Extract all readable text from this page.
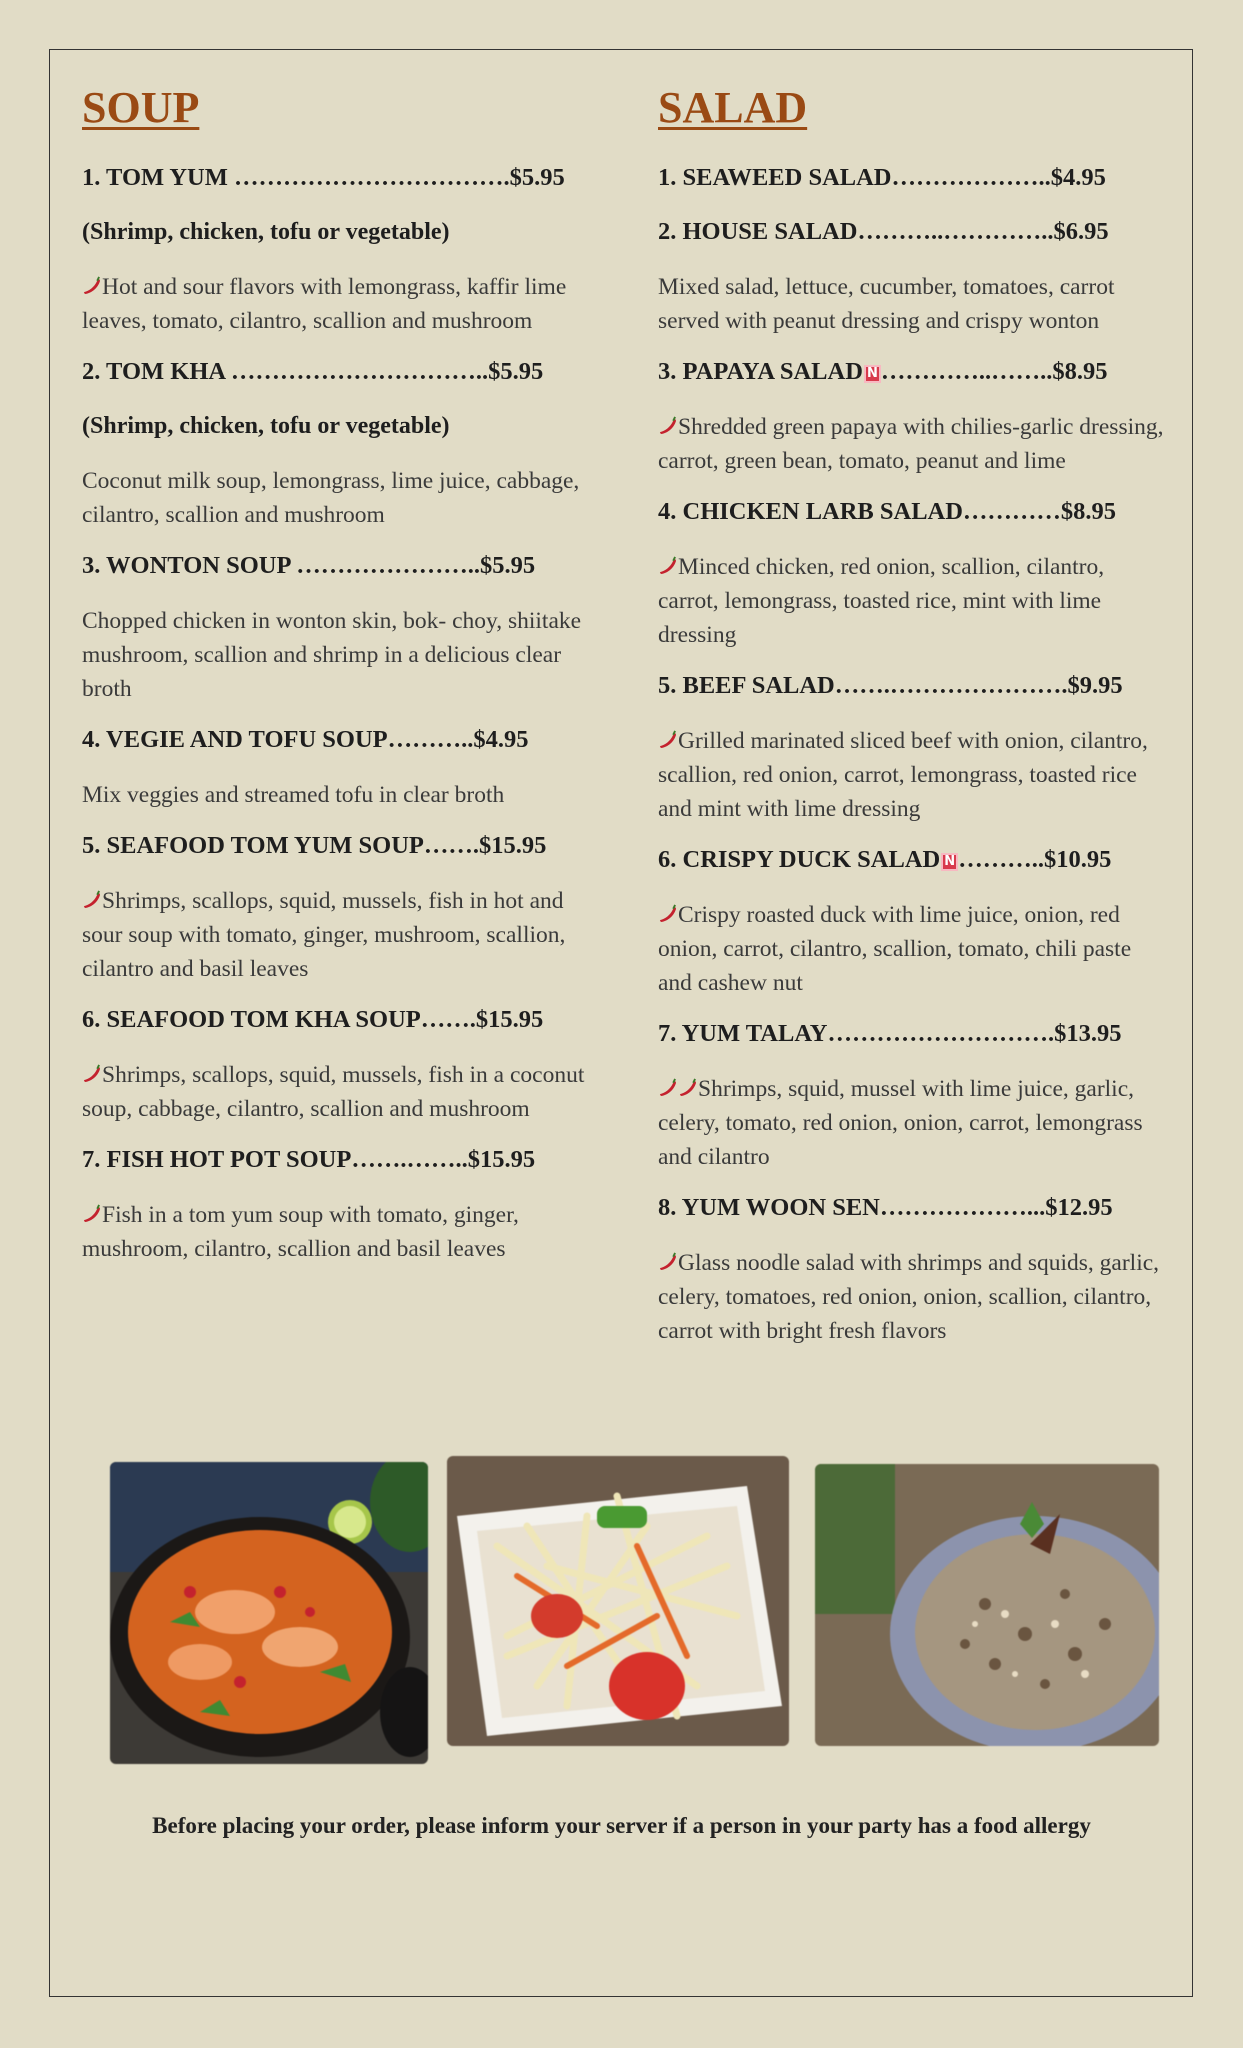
SOUP
1. TOM YUM …………………………….$5.95
(Shrimp, chicken, tofu or vegetable)
Hot and sour flavors with lemongrass, kaffir lime leaves, tomato, cilantro, scallion and mushroom
2. TOM KHA …………………………..$5.95
(Shrimp, chicken, tofu or vegetable)
Coconut milk soup, lemongrass, lime juice, cabbage, cilantro, scallion and mushroom
3. WONTON SOUP …………………..$5.95
Chopped chicken in wonton skin, bok- choy, shiitake mushroom, scallion and shrimp in a delicious clear broth
4. VEGIE AND TOFU SOUP………..$4.95
Mix veggies and streamed tofu in clear broth
5. SEAFOOD TOM YUM SOUP…….$15.95
Shrimps, scallops, squid, mussels, fish in hot and sour soup with tomato, ginger, mushroom, scallion, cilantro and basil leaves
6. SEAFOOD TOM KHA SOUP…….$15.95
Shrimps, scallops, squid, mussels, fish in a coconut soup, cabbage, cilantro, scallion and mushroom
7. FISH HOT POT SOUP…….……..$15.95
Fish in a tom yum soup with tomato, ginger, mushroom, cilantro, scallion and basil leaves
SALAD
1. SEAWEED SALAD………………..$4.95
2. HOUSE SALAD………..…………..$6.95
Mixed salad, lettuce, cucumber, tomatoes, carrot served with peanut dressing and crispy wonton
3. PAPAYA SALAD N …………..……..$8.95
Shredded green papaya with chilies-garlic dressing, carrot, green bean, tomato, peanut and lime
4. CHICKEN LARB SALAD…………$8.95
Minced chicken, red onion, scallion, cilantro, carrot, lemongrass, toasted rice, mint with lime dressing
5. BEEF SALAD…….………………….$9.95
Grilled marinated sliced beef with onion, cilantro, scallion, red onion, carrot, lemongrass, toasted rice and mint with lime dressing
6. CRISPY DUCK SALAD N ………..$10.95
Crispy roasted duck with lime juice, onion, red onion, carrot, cilantro, scallion, tomato, chili paste and cashew nut
7. YUM TALAY……………………….$13.95
Shrimps, squid, mussel with lime juice, garlic, celery, tomato, red onion, onion, carrot, lemongrass and cilantro
8. YUM WOON SEN………………...$12.95
Glass noodle salad with shrimps and squids, garlic, celery, tomatoes, red onion, onion, scallion, cilantro, carrot with bright fresh flavors
Before placing your order, please inform your server if a person in your party has a food allergy
